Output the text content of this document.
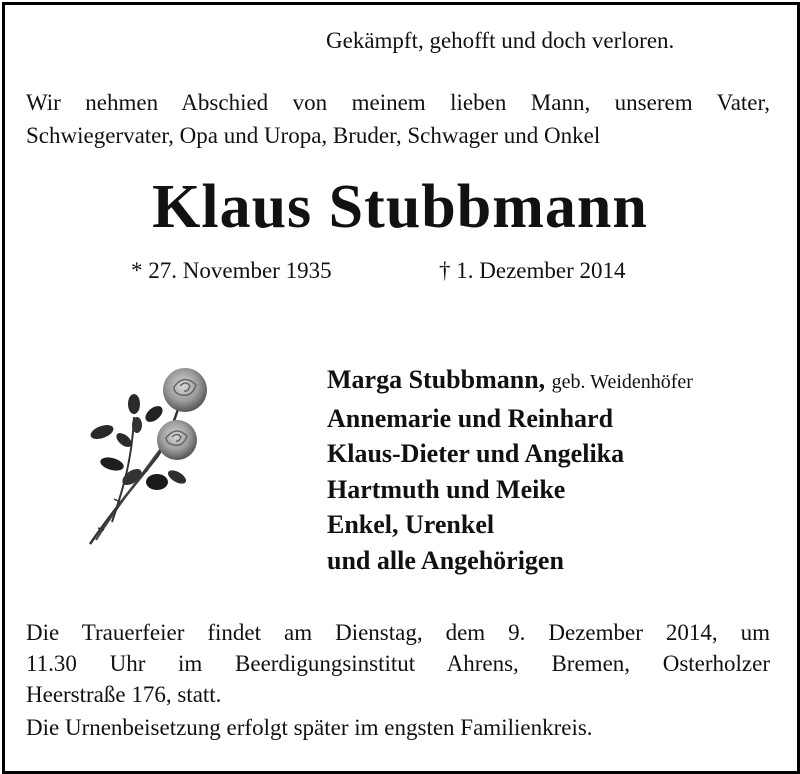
Gekämpft, gehofft und doch verloren.
Wir nehmen Abschied von meinem lieben Mann, unserem Vater,
Schwiegervater, Opa und Uropa, Bruder, Schwager und Onkel
Klaus Stubbmann
* 27. November 1935	† 1. Dezember 2014
Marga Stubbmann, geb. Weidenhöfer
Annemarie und Reinhard
Klaus-Dieter und Angelika
Hartmuth und Meike
Enkel, Urenkel
und alle Angehörigen
Die Trauerfeier findet am Dienstag, dem 9. Dezember 2014, um
11.30 Uhr im Beerdigungsinstitut Ahrens, Bremen, Osterholzer
Heerstraße 176, statt.
Die Urnenbeisetzung erfolgt später im engsten Familienkreis.
